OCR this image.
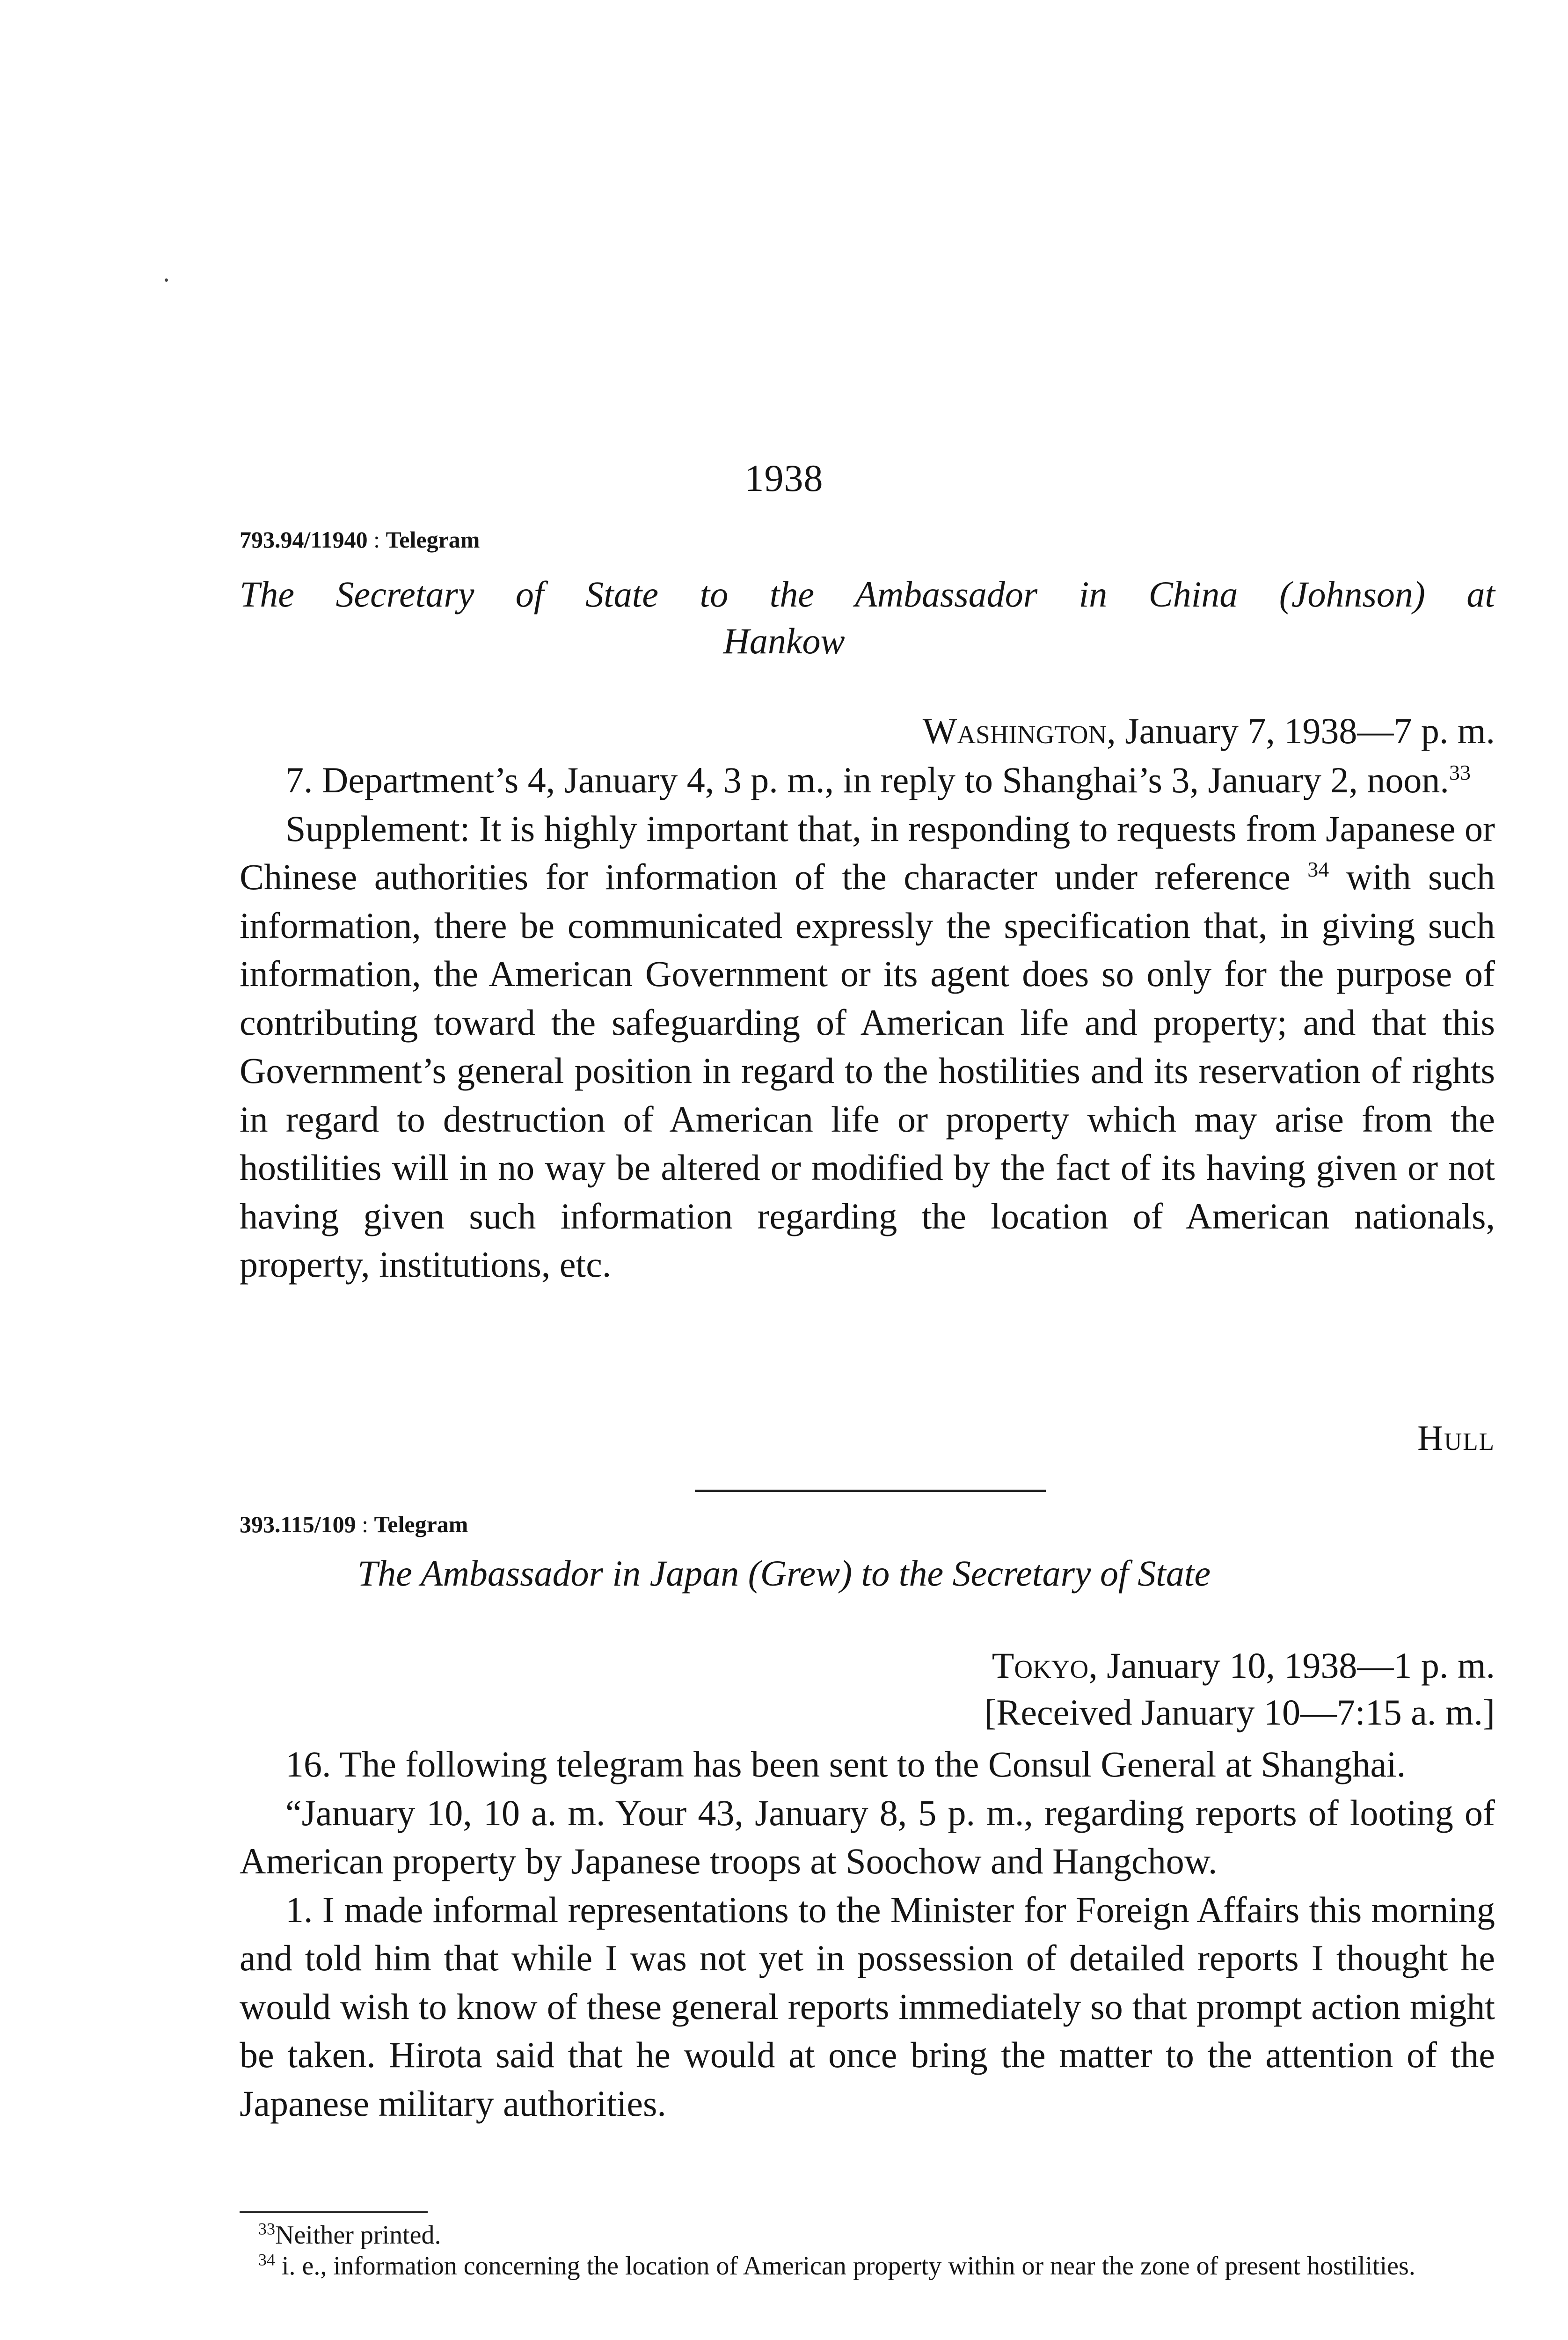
1938
793.94/11940 : Telegram
The Secretary of State to the Ambassador in China (Johnson) at
Hankow
Washington, January 7, 1938—7 p. m.

7. Department’s 4, January 4, 3 p. m., in reply to Shanghai’s 3, January 2, noon.$^{33}$

Supplement: It is highly important that, in responding to requests from Japanese or Chinese authorities for information of the character under reference $^{34}$ with such information, there be communicated expressly the specification that, in giving such information, the American Government or its agent does so only for the purpose of contributing toward the safeguarding of American life and property; and that this Government’s general position in regard to the hostilities and its reservation of rights in regard to destruction of American life or property which may arise from the hostilities will in no way be altered or modified by the fact of its having given or not having given such information regarding the location of American nationals, property, institutions, etc.

Hull
393.115/109 : Telegram
The Ambassador in Japan (Grew) to the Secretary of State
Tokyo, January 10, 1938—1 p. m.
[Received January 10—7:15 a. m.]

16. The following telegram has been sent to the Consul General at Shanghai.

“January 10, 10 a. m. Your 43, January 8, 5 p. m., regarding reports of looting of American property by Japanese troops at Soochow and Hangchow.

1. I made informal representations to the Minister for Foreign Affairs this morning and told him that while I was not yet in possession of detailed reports I thought he would wish to know of these general reports immediately so that prompt action might be taken. Hirota said that he would at once bring the matter to the attention of the Japanese military authorities.

$^{33}$Neither printed.

$^{34}$ i. e., information concerning the location of American property within or near the zone of present hostilities.
